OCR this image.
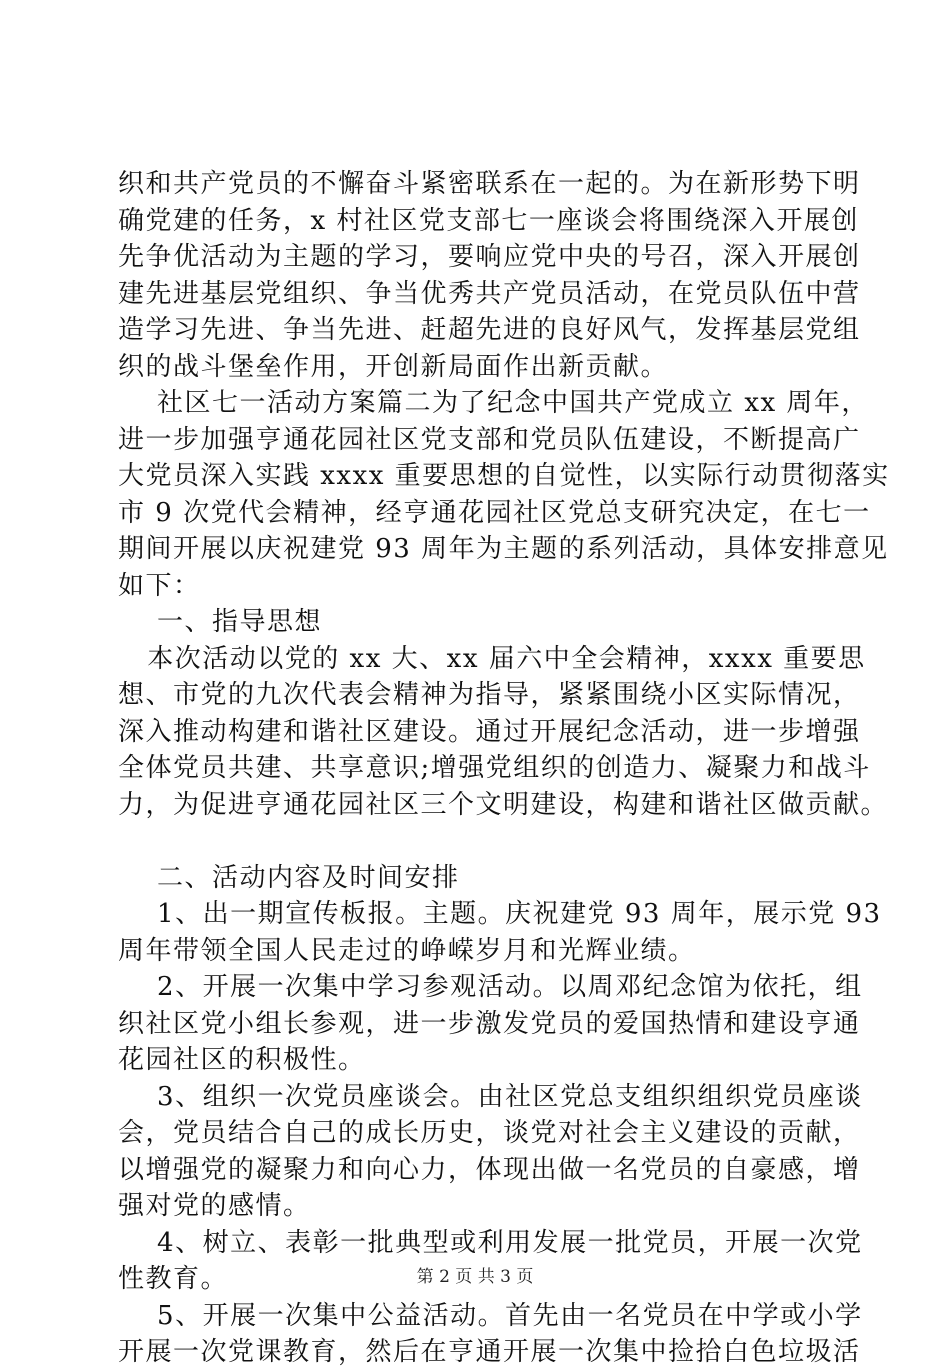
织和共产党员的不懈奋斗紧密联系在一起的。为在新形势下明
确党建的任务，x 村社区党支部七一座谈会将围绕深入开展创
先争优活动为主题的学习，要响应党中央的号召，深入开展创
建先进基层党组织、争当优秀共产党员活动，在党员队伍中营
造学习先进、争当先进、赶超先进的良好风气，发挥基层党组
织的战斗堡垒作用，开创新局面作出新贡献。
社区七一活动方案篇二为了纪念中国共产党成立 xx 周年，
进一步加强亨通花园社区党支部和党员队伍建设，不断提高广
大党员深入实践 xxxx 重要思想的自觉性，以实际行动贯彻落实
市 9 次党代会精神，经亨通花园社区党总支研究决定，在七一
期间开展以庆祝建党 93 周年为主题的系列活动，具体安排意见
如下：
一、指导思想
本次活动以党的 xx 大、xx 届六中全会精神，xxxx 重要思
想、市党的九次代表会精神为指导，紧紧围绕小区实际情况，
深入推动构建和谐社区建设。通过开展纪念活动，进一步增强
全体党员共建、共享意识;增强党组织的创造力、凝聚力和战斗
力，为促进亨通花园社区三个文明建设，构建和谐社区做贡献。
二、活动内容及时间安排
1、出一期宣传板报。主题。庆祝建党 93 周年，展示党 93
周年带领全国人民走过的峥嵘岁月和光辉业绩。
2、开展一次集中学习参观活动。以周邓纪念馆为依托，组
织社区党小组长参观，进一步激发党员的爱国热情和建设亨通
花园社区的积极性。
3、组织一次党员座谈会。由社区党总支组织组织党员座谈
会，党员结合自己的成长历史，谈党对社会主义建设的贡献，
以增强党的凝聚力和向心力，体现出做一名党员的自豪感，增
强对党的感情。
4、树立、表彰一批典型或利用发展一批党员，开展一次党
性教育。
5、开展一次集中公益活动。首先由一名党员在中学或小学
开展一次党课教育，然后在亨通开展一次集中捡拾白色垃圾活
第 2 页 共 3 页
